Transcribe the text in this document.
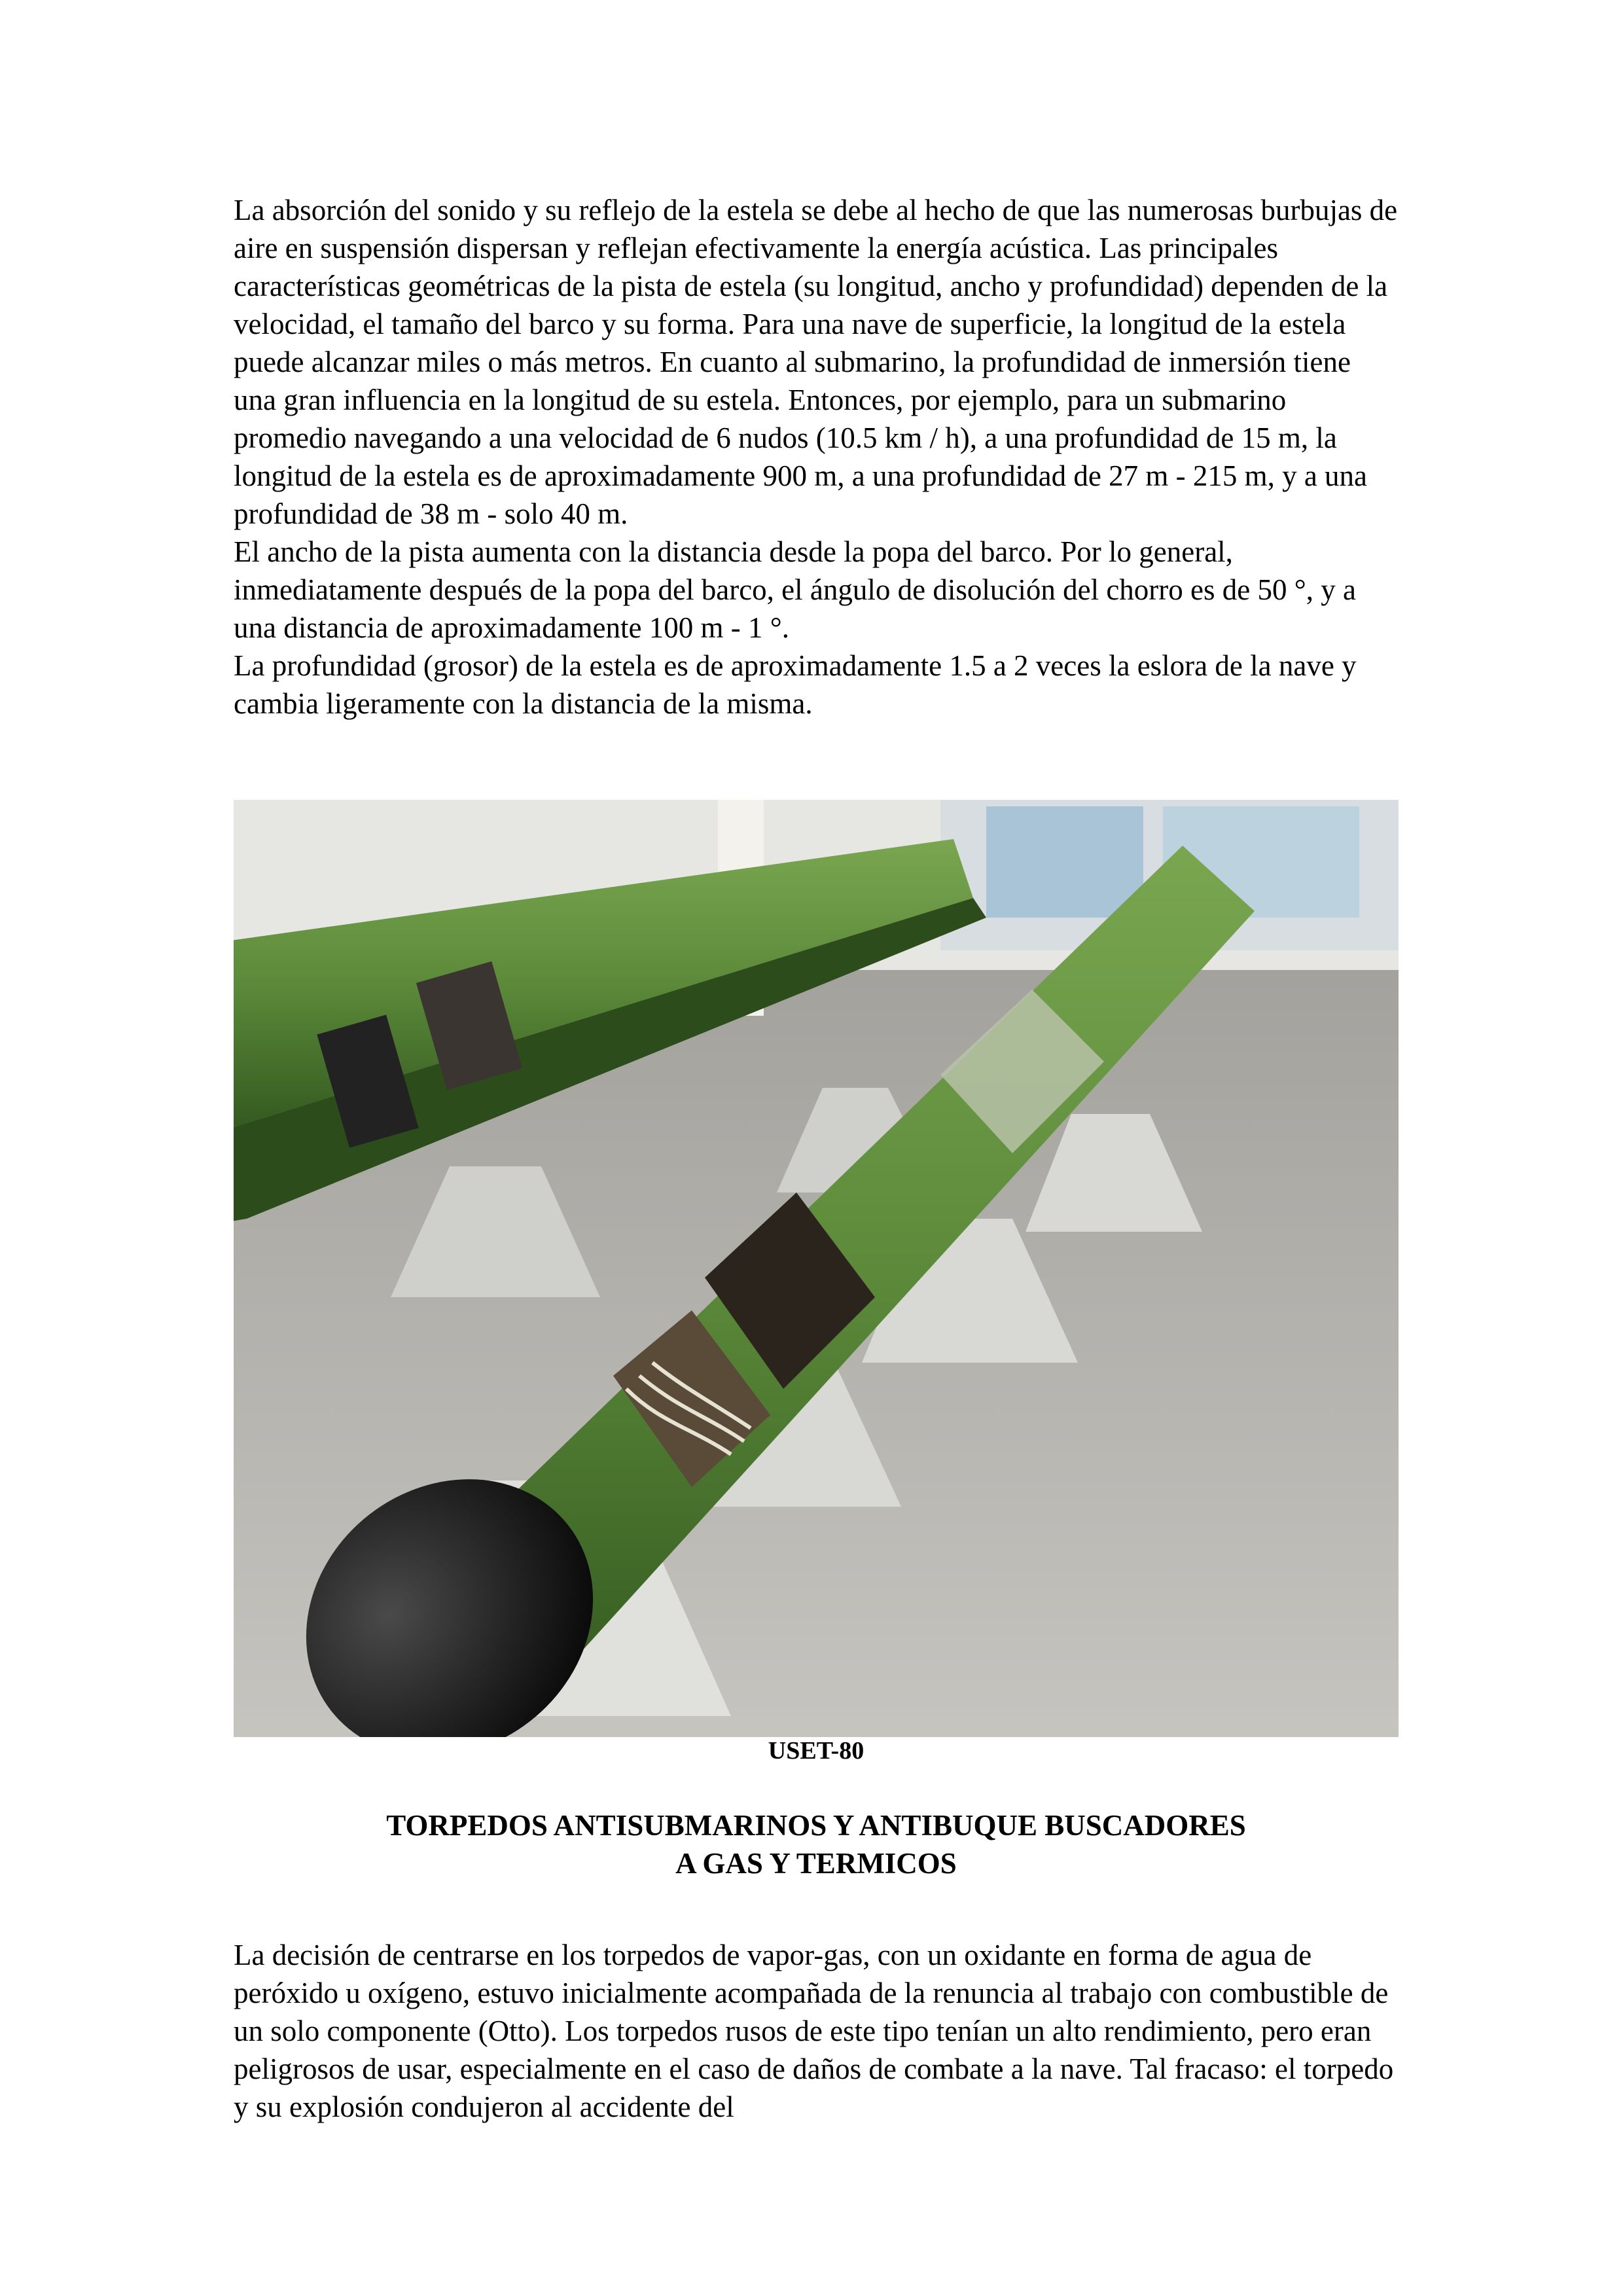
La absorción del sonido y su reflejo de la estela se debe al hecho de que las numerosas burbujas de aire en suspensión dispersan y reflejan efectivamente la energía acústica. Las principales características geométricas de la pista de estela (su longitud, ancho y profundidad) dependen de la velocidad, el tamaño del barco y su forma. Para una nave de superficie, la longitud de la estela puede alcanzar miles o más metros. En cuanto al submarino, la profundidad de inmersión tiene una gran influencia en la longitud de su estela. Entonces, por ejemplo, para un submarino promedio navegando a una velocidad de 6 nudos (10.5 km / h), a una profundidad de 15 m, la longitud de la estela es de aproximadamente 900 m, a una profundidad de 27 m - 215 m, y a una profundidad de 38 m - solo 40 m.
El ancho de la pista aumenta con la distancia desde la popa del barco. Por lo general, inmediatamente después de la popa del barco, el ángulo de disolución del chorro es de 50 °, y a una distancia de aproximadamente 100 m - 1 °.
La profundidad (grosor) de la estela es de aproximadamente 1.5 a 2 veces la eslora de la nave y cambia ligeramente con la distancia de la misma.
USET-80
TORPEDOS ANTISUBMARINOS Y ANTIBUQUE BUSCADORES
A GAS Y TERMICOS

La decisión de centrarse en los torpedos de vapor-gas, con un oxidante en forma de agua de peróxido u oxígeno, estuvo inicialmente acompañada de la renuncia al trabajo con combustible de un solo componente (Otto). Los torpedos rusos de este tipo tenían un alto rendimiento, pero eran peligrosos de usar, especialmente en el caso de daños de combate a la nave. Tal fracaso: el torpedo y su explosión condujeron al accidente del
